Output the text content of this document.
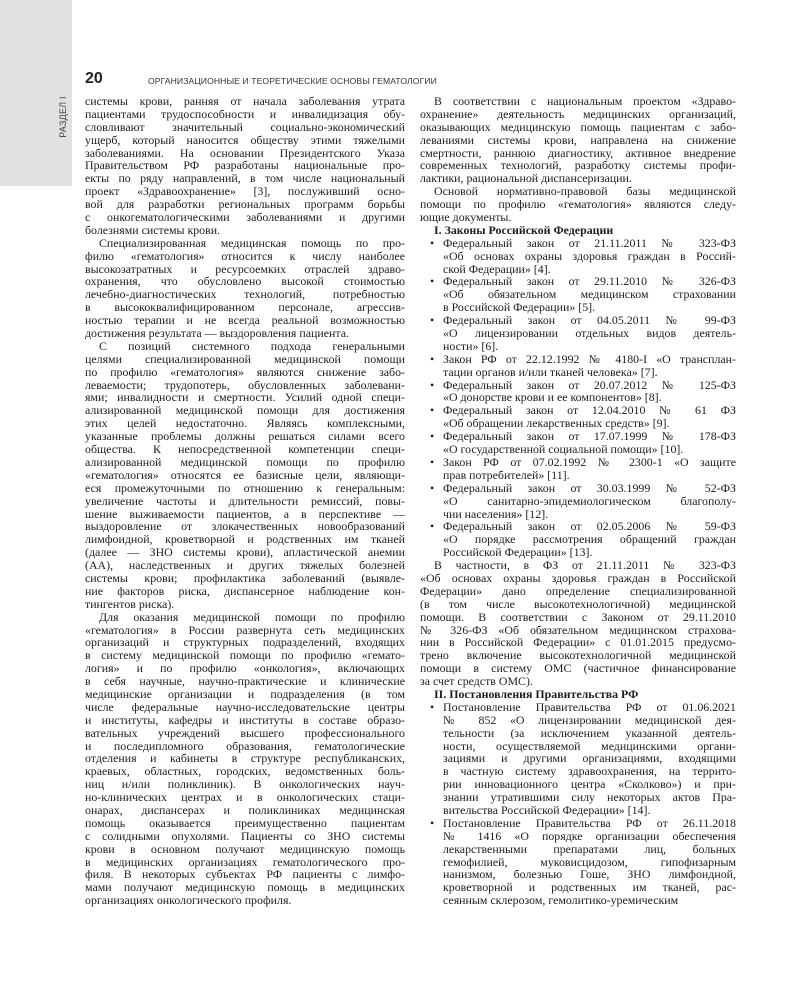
РАЗДЕЛ I
20	ОРГАНИЗАЦИОННЫЕ И ТЕОРЕТИЧЕСКИЕ ОСНОВЫ ГЕМАТОЛОГИИ
системы крови, ранняя от начала заболевания утрата
пациентами трудоспособности и инвалидизация обу-
словливают значительный социально-экономический
ущерб, который наносится обществу этими тяжелыми
заболеваниями. На основании Президентского Указа
Правительством РФ разработаны национальные про-
екты по ряду направлений, в том числе национальный
проект «Здравоохранение» [3], послуживший осно-
вой для разработки региональных программ борьбы
с онкогематологическими заболеваниями и другими
болезнями системы крови.
Специализированная медицинская помощь по про-
филю «гематология» относится к числу наиболее
высокозатратных и ресурсоемких отраслей здраво-
охранения, что обусловлено высокой стоимостью
лечебно-диагностических технологий, потребностью
в высококвалифицированном персонале, агрессив-
ностью терапии и не всегда реальной возможностью
достижения результата — выздоровления пациента.
С позиций системного подхода генеральными
целями специализированной медицинской помощи
по профилю «гематология» являются снижение забо-
леваемости; трудопотерь, обусловленных заболевани-
ями; инвалидности и смертности. Усилий одной специ-
ализированной медицинской помощи для достижения
этих целей недостаточно. Являясь комплексными,
указанные проблемы должны решаться силами всего
общества. К непосредственной компетенции специ-
ализированной медицинской помощи по профилю
«гематология» относятся ее базисные цели, являющи-
еся промежуточными по отношению к генеральным:
увеличение частоты и длительности ремиссий, повы-
шение выживаемости пациентов, а в перспективе —
выздоровление от злокачественных новообразований
лимфоидной, кроветворной и родственных им тканей
(далее — ЗНО системы крови), апластической анемии
(АА), наследственных и других тяжелых болезней
системы крови; профилактика заболеваний (выявле-
ние факторов риска, диспансерное наблюдение кон-
тингентов риска).
Для оказания медицинской помощи по профилю
«гематология» в России развернута сеть медицинских
организаций и структурных подразделений, входящих
в систему медицинской помощи по профилю «гемато-
логия» и по профилю «онкология», включающих
в себя научные, научно-практические и клинические
медицинские организации и подразделения (в том
числе федеральные научно-исследовательские центры
и институты, кафедры и институты в составе образо-
вательных учреждений высшего профессионального
и последипломного образования, гематологические
отделения и кабинеты в структуре республиканских,
краевых, областных, городских, ведомственных боль-
ниц и/или поликлиник). В онкологических науч-
но-клинических центрах и в онкологических стаци-
онарах, диспансерах и поликлиниках медицинская
помощь оказывается преимущественно пациентам
с солидными опухолями. Пациенты со ЗНО системы
крови в основном получают медицинскую помощь
в медицинских организациях гематологического про-
филя. В некоторых субъектах РФ пациенты с лимфо-
мами получают медицинскую помощь в медицинских
организациях онкологического профиля.
В соответствии с национальным проектом «Здраво-
охранение» деятельность медицинских организаций,
оказывающих медицинскую помощь пациентам с забо-
леваниями системы крови, направлена на снижение
смертности, раннюю диагностику, активное внедрение
современных технологий, разработку системы профи-
лактики, рациональной диспансеризации.
Основой нормативно-правовой базы медицинской
помощи по профилю «гематология» являются следу-
ющие документы.
I. Законы Российской Федерации
• Федеральный закон от 21.11.2011 № 323-ФЗ
«Об основах охраны здоровья граждан в Россий-
ской Федерации» [4].
• Федеральный закон от 29.11.2010 № 326-ФЗ
«Об обязательном медицинском страховании
в Российской Федерации» [5].
• Федеральный закон от 04.05.2011 № 99-ФЗ
«О лицензировании отдельных видов деятель-
ности» [6].
• Закон РФ от 22.12.1992 № 4180-I «О трансплан-
тации органов и/или тканей человека» [7].
• Федеральный закон от 20.07.2012 № 125-ФЗ
«О донорстве крови и ее компонентов» [8].
• Федеральный закон от 12.04.2010 № 61 ФЗ
«Об обращении лекарственных средств» [9].
• Федеральный закон от 17.07.1999 № 178-ФЗ
«О государственной социальной помощи» [10].
• Закон РФ от 07.02.1992 № 2300-1 «О защите
прав потребителей» [11].
• Федеральный закон от 30.03.1999 № 52-ФЗ
«О санитарно-эпидемиологическом благополу-
чии населения» [12].
• Федеральный закон от 02.05.2006 № 59-ФЗ
«О порядке рассмотрения обращений граждан
Российской Федерации» [13].
В частности, в ФЗ от 21.11.2011 № 323-ФЗ
«Об основах охраны здоровья граждан в Российской
Федерации» дано определение специализированной
(в том числе высокотехнологичной) медицинской
помощи. В соответствии с Законом от 29.11.2010
№ 326-ФЗ «Об обязательном медицинском страхова-
нии в Российской Федерации» с 01.01.2015 предусмо-
трено включение высокотехнологичной медицинской
помощи в систему ОМС (частичное финансирование
за счет средств ОМС).
II. Постановления Правительства РФ
• Постановление Правительства РФ от 01.06.2021
№ 852 «О лицензировании медицинской дея-
тельности (за исключением указанной деятель-
ности, осуществляемой медицинскими органи-
зациями и другими организациями, входящими
в частную систему здравоохранения, на террито-
рии инновационного центра «Сколково») и при-
знании утратившими силу некоторых актов Пра-
вительства Российской Федерации» [14].
• Постановление Правительства РФ от 26.11.2018
№ 1416 «О порядке организации обеспечения
лекарственными препаратами лиц, больных
гемофилией, муковисцидозом, гипофизарным
нанизмом, болезнью Гоше, ЗНО лимфоидной,
кроветворной и родственных им тканей, рас-
сеянным склерозом, гемолитико-уремическим
